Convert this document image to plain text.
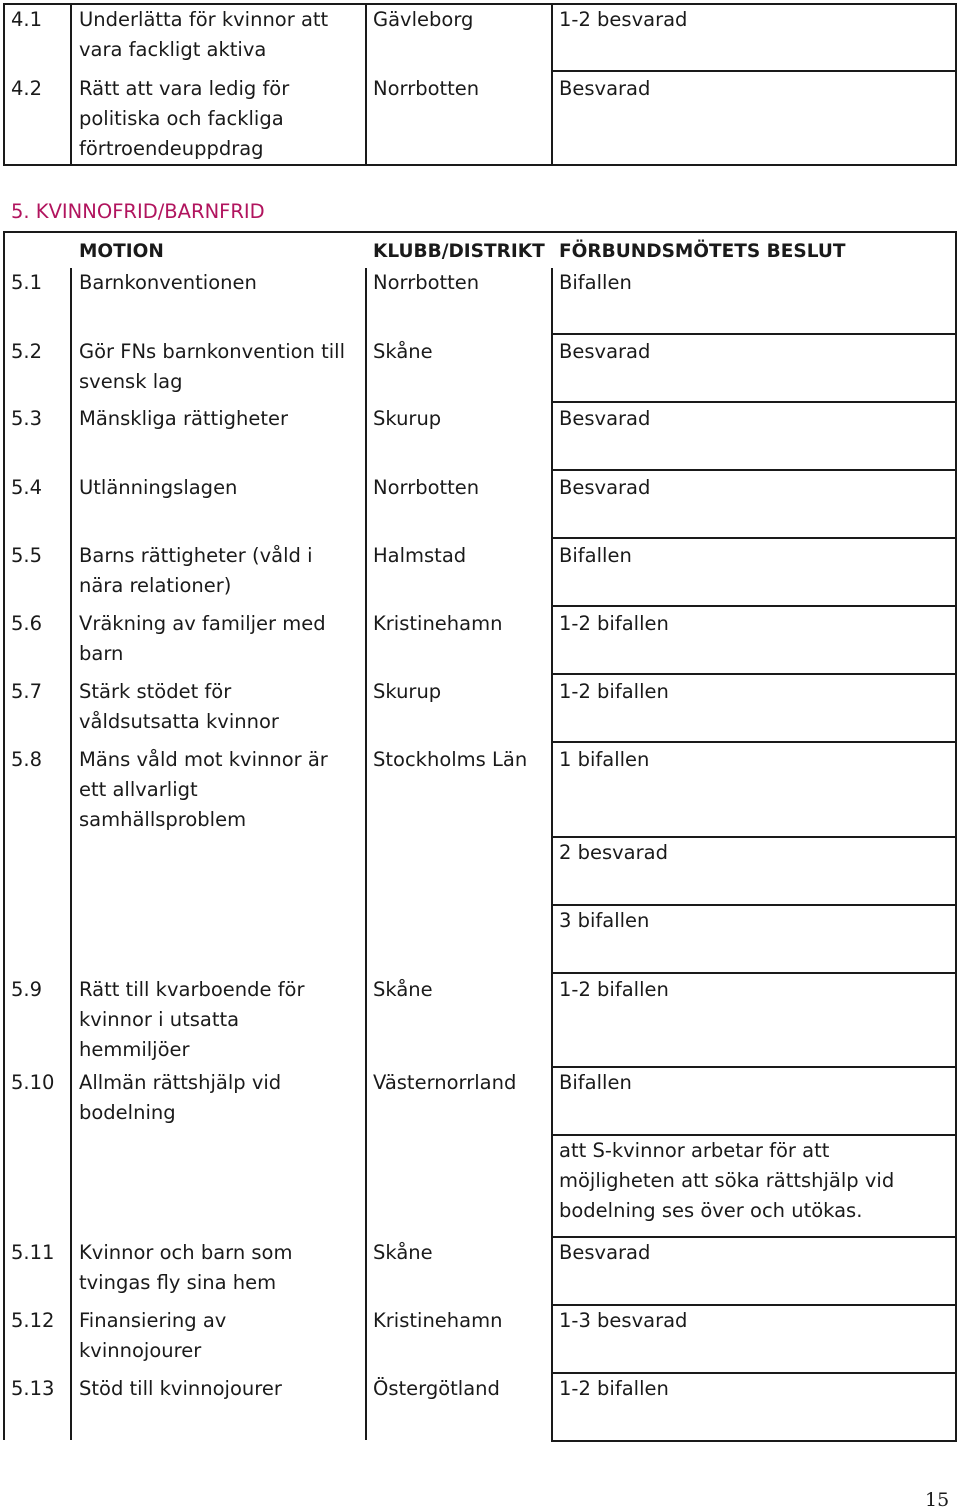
4.1 Underlätta för kvinnor att
vara fackligt aktiva
Gävleborg	1-2 besvarad
4.2 Rätt att vara ledig för
politiska och fackliga
förtroendeuppdrag
Norrbotten	Besvarad
5. KVINNOFRID/BARNFRID
MOTION	KLUBB/DISTRIKT FÖRBUNDSMÖTETS BESLUT
5.1 Barnkonventionen	Norrbotten	Bifallen
5.2 Gör FNs barnkonvention till
svensk lag
Skåne	Besvarad
5.3 Mänskliga rättigheter	Skurup	Besvarad
5.4 Utlänningslagen	Norrbotten	Besvarad
5.5 Barns rättigheter (våld i
nära relationer)
Halmstad	Bifallen
5.6 Vräkning av familjer med
barn
Kristinehamn	1-2 bifallen
5.7 Stärk stödet för
våldsutsatta kvinnor
Skurup	1-2 bifallen
5.8 Mäns våld mot kvinnor är
ett allvarligt
samhällsproblem
Stockholms Län 1 bifallen
2 besvarad
3 bifallen
5.9 Rätt till kvarboende för
kvinnor i utsatta
hemmiljöer
Skåne	1-2 bifallen
5.10 Allmän rättshjälp vid
bodelning
Västernorrland Bifallen
att S-kvinnor arbetar för att
möjligheten att söka rättshjälp vid
bodelning ses över och utökas.
5.11 Kvinnor och barn som
tvingas fly sina hem
Skåne	Besvarad
5.12 Finansiering av
kvinnojourer
Kristinehamn	1-3 besvarad
5.13 Stöd till kvinnojourer	Östergötland	1-2 bifallen
15
